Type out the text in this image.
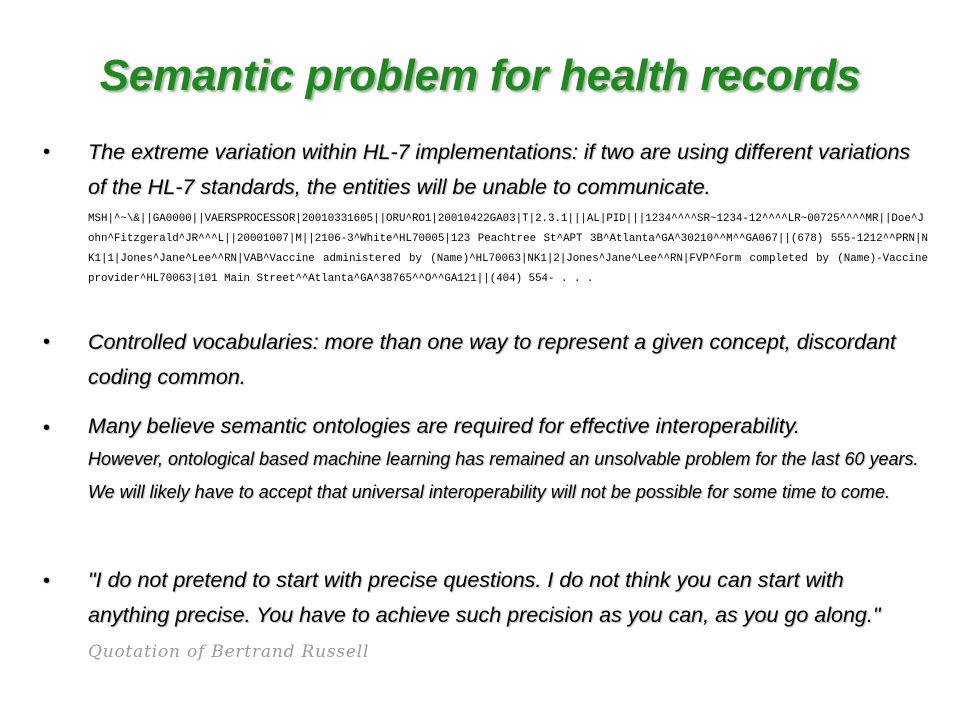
Semantic problem for health records
• The extreme variation within HL-7 implementations: if two are using different variations of the HL-7 standards, the entities will be unable to communicate.

MSH|^~\&||GA0000||VAERSPROCESSOR|20010331605||ORU^RO1|20010422GA03|T|2.3.1|||AL|PID|||1234^^^^SR~1234-12^^^^LR~00725^^^^MR||Doe^John^Fitzgerald^JR^^^L||20001007|M||2106-3^White^HL70005|123 Peachtree St^APT 3B^Atlanta^GA^30210^^M^^GA067||(678) 555-1212^^PRN|NK1|1|Jones^Jane^Lee^^RN|VAB^Vaccine administered by (Name)^HL70063|NK1|2|Jones^Jane^Lee^^RN|FVP^Form completed by (Name)-Vaccine provider^HL70063|101 Main Street^^Atlanta^GA^38765^^O^^GA121||(404) 554- . . .
• Controlled vocabularies: more than one way to represent a given concept, discordant coding common.

• Many believe semantic ontologies are required for effective interoperability.
However, ontological based machine learning has remained an unsolvable problem for the last 60 years. We will likely have to accept that universal interoperability will not be possible for some time to come.
• "I do not pretend to start with precise questions. I do not think you can start with anything precise. You have to achieve such precision as you can, as you go along." Quotation of Bertrand Russell
